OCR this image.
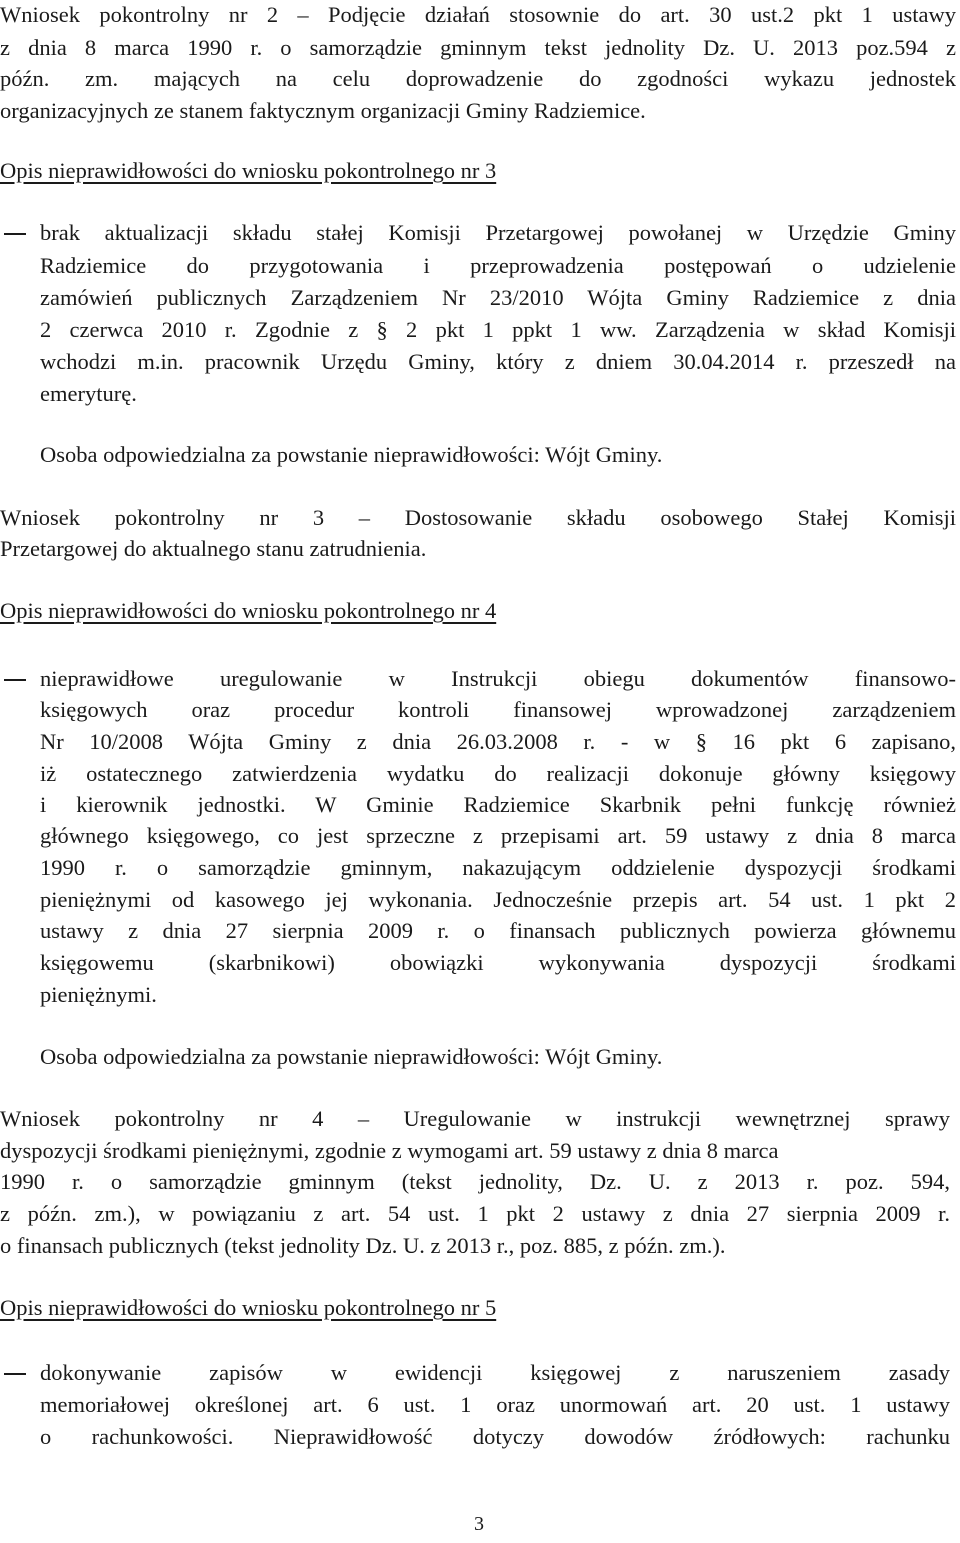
Wniosek pokontrolny nr 2 – Podjęcie działań stosownie do art. 30 ust.2 pkt 1 ustawy
z dnia 8 marca 1990 r. o samorządzie gminnym tekst jednolity Dz. U. 2013 poz.594 z
późn. zm. mających na celu doprowadzenie do zgodności wykazu jednostek
organizacyjnych ze stanem faktycznym organizacji Gminy Radziemice.
Opis nieprawidłowości do wniosku pokontrolnego nr 3
brak aktualizacji składu stałej Komisji Przetargowej powołanej w Urzędzie Gminy
Radziemice do przygotowania i przeprowadzenia postępowań o udzielenie
zamówień publicznych Zarządzeniem Nr 23/2010 Wójta Gminy Radziemice z dnia
2 czerwca 2010 r. Zgodnie z § 2 pkt 1 ppkt 1 ww. Zarządzenia w skład Komisji
wchodzi m.in. pracownik Urzędu Gminy, który z dniem 30.04.2014 r. przeszedł na
emeryturę.
Osoba odpowiedzialna za powstanie nieprawidłowości: Wójt Gminy.
Wniosek pokontrolny nr 3 – Dostosowanie składu osobowego Stałej Komisji
Przetargowej do aktualnego stanu zatrudnienia.
Opis nieprawidłowości do wniosku pokontrolnego nr 4
nieprawidłowe uregulowanie w Instrukcji obiegu dokumentów finansowo-
księgowych oraz procedur kontroli finansowej wprowadzonej zarządzeniem
Nr 10/2008 Wójta Gminy z dnia 26.03.2008 r. - w § 16 pkt 6 zapisano,
iż ostatecznego zatwierdzenia wydatku do realizacji dokonuje główny księgowy
i kierownik jednostki. W Gminie Radziemice Skarbnik pełni funkcję również
głównego księgowego, co jest sprzeczne z przepisami art. 59 ustawy z dnia 8 marca
1990 r. o samorządzie gminnym, nakazującym oddzielenie dyspozycji środkami
pieniężnymi od kasowego jej wykonania. Jednocześnie przepis art. 54 ust. 1 pkt 2
ustawy z dnia 27 sierpnia 2009 r. o finansach publicznych powierza głównemu
księgowemu (skarbnikowi) obowiązki wykonywania dyspozycji środkami
pieniężnymi.
Osoba odpowiedzialna za powstanie nieprawidłowości: Wójt Gminy.
Wniosek pokontrolny nr 4 – Uregulowanie w instrukcji wewnętrznej sprawy
dyspozycji środkami pieniężnymi, zgodnie z wymogami art. 59 ustawy z dnia 8 marca
1990 r. o samorządzie gminnym (tekst jednolity, Dz. U. z 2013 r. poz. 594,
z późn. zm.), w powiązaniu z art. 54 ust. 1 pkt 2 ustawy z dnia 27 sierpnia 2009 r.
o finansach publicznych (tekst jednolity Dz. U. z 2013 r., poz. 885, z późn. zm.).
Opis nieprawidłowości do wniosku pokontrolnego nr 5
dokonywanie zapisów w ewidencji księgowej z naruszeniem zasady
memoriałowej określonej art. 6 ust. 1 oraz unormowań art. 20 ust. 1 ustawy
o rachunkowości. Nieprawidłowość dotyczy dowodów źródłowych: rachunku
3
